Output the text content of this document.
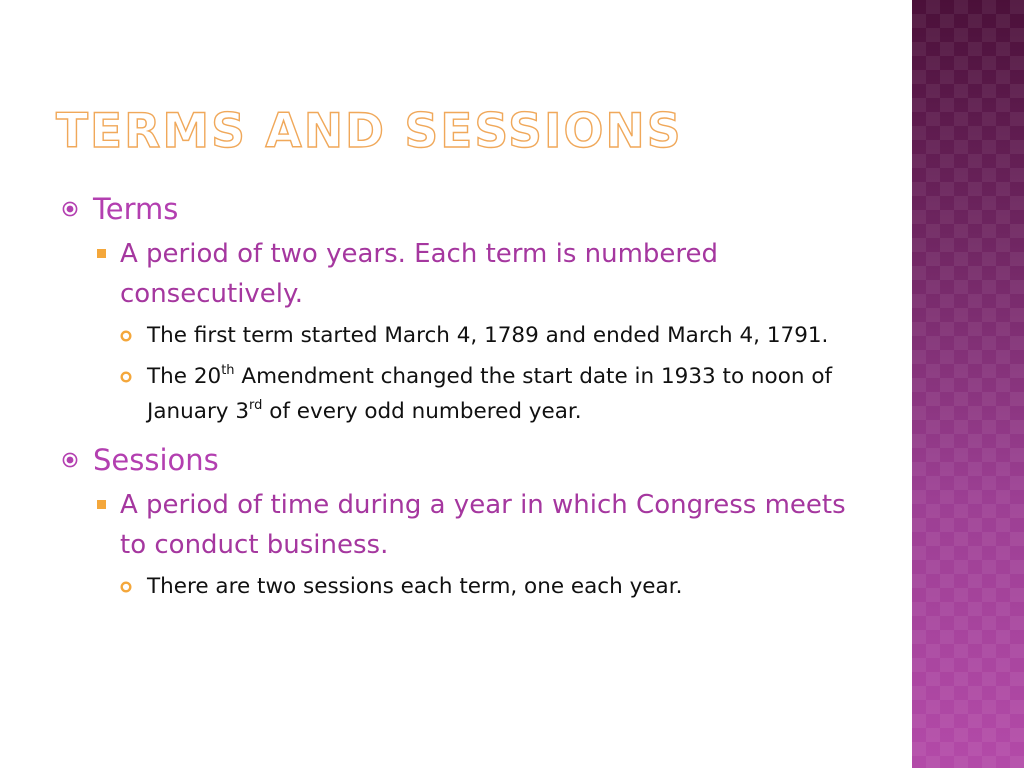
TERMS AND SESSIONS
Terms
A period of two years. Each term is numbered consecutively.
The first term started March 4, 1789 and ended March 4, 1791.
The 20th Amendment changed the start date in 1933 to noon of January 3rd of every odd numbered year.
Sessions
A period of time during a year in which Congress meets to conduct business.
There are two sessions each term, one each year.
